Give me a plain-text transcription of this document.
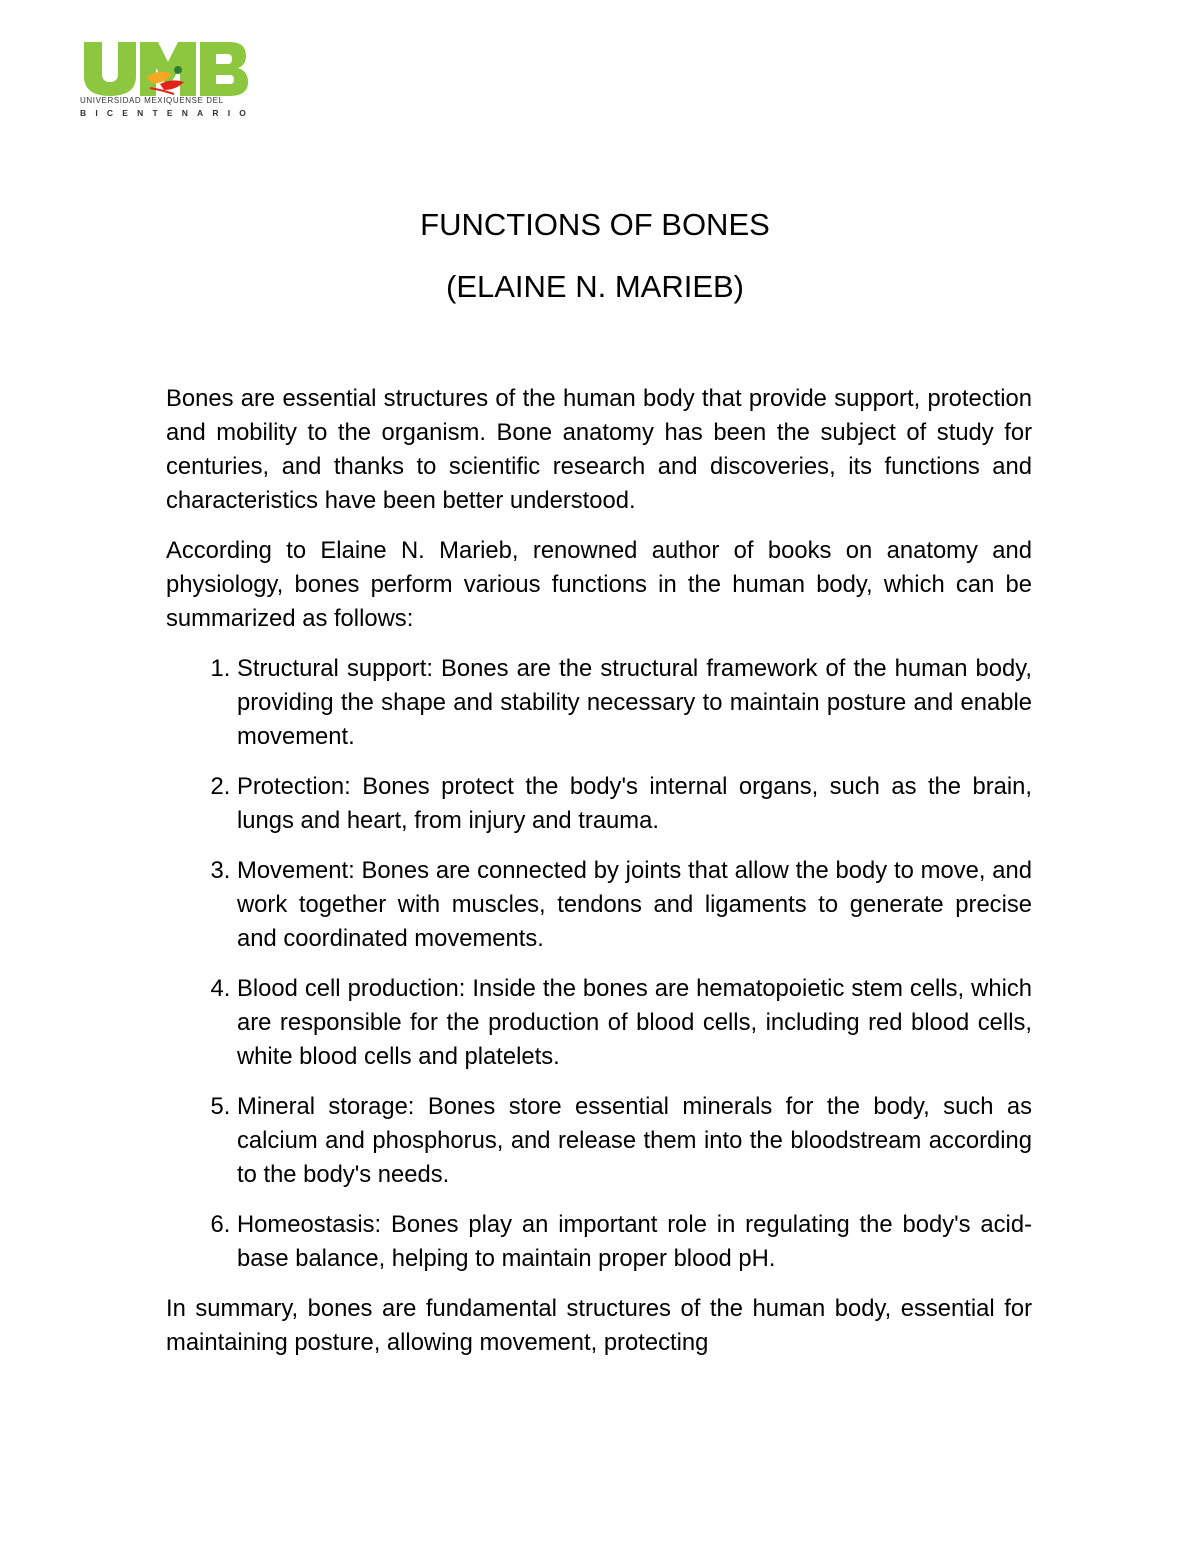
UNIVERSIDAD MEXIQUENSE DEL
BICENTENARIO
FUNCTIONS OF BONES
(ELAINE N. MARIEB)

Bones are essential structures of the human body that provide support, protection and mobility to the organism. Bone anatomy has been the subject of study for centuries, and thanks to scientific research and discoveries, its functions and characteristics have been better understood.

According to Elaine N. Marieb, renowned author of books on anatomy and physiology, bones perform various functions in the human body, which can be summarized as follows:

1. Structural support: Bones are the structural framework of the human body, providing the shape and stability necessary to maintain posture and enable movement.
2. Protection: Bones protect the body's internal organs, such as the brain, lungs and heart, from injury and trauma.
3. Movement: Bones are connected by joints that allow the body to move, and work together with muscles, tendons and ligaments to generate precise and coordinated movements.
4. Blood cell production: Inside the bones are hematopoietic stem cells, which are responsible for the production of blood cells, including red blood cells, white blood cells and platelets.
5. Mineral storage: Bones store essential minerals for the body, such as calcium and phosphorus, and release them into the bloodstream according to the body's needs.
6. Homeostasis: Bones play an important role in regulating the body's acid-base balance, helping to maintain proper blood pH.

In summary, bones are fundamental structures of the human body, essential for maintaining posture, allowing movement, protecting
